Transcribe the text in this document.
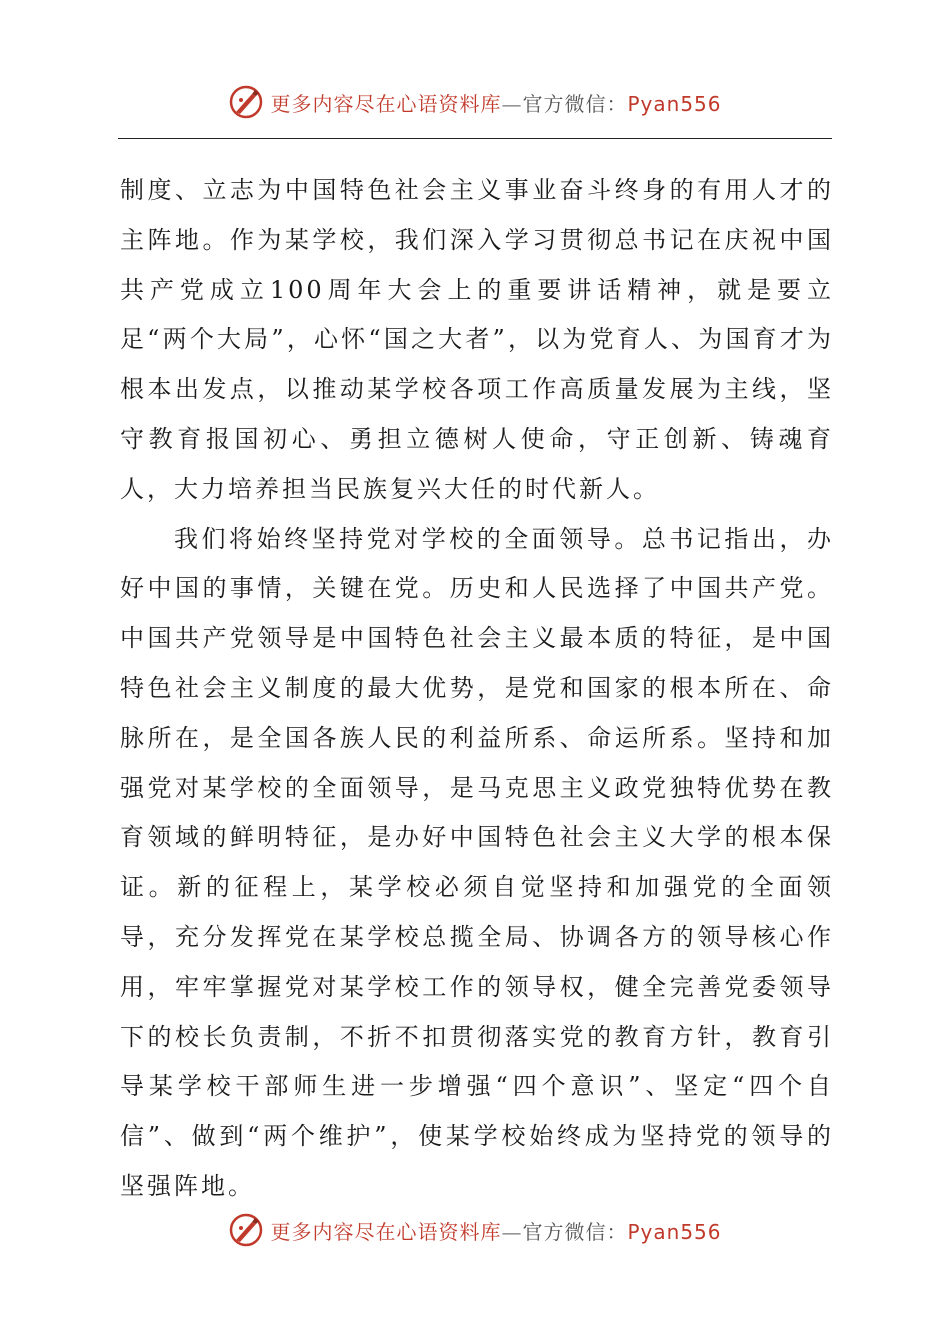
更多内容尽在心语资料库—官方微信：Pyan556

制度、立志为中国特色社会主义事业奋斗终身的有用人才的主阵地。作为某学校，我们深入学习贯彻总书记在庆祝中国共产党成立100周年大会上的重要讲话精神，就是要立足“两个大局”，心怀“国之大者”，以为党育人、为国育才为根本出发点，以推动某学校各项工作高质量发展为主线，坚守教育报国初心、勇担立德树人使命，守正创新、铸魂育人，大力培养担当民族复兴大任的时代新人。

我们将始终坚持党对学校的全面领导。总书记指出，办好中国的事情，关键在党。历史和人民选择了中国共产党。中国共产党领导是中国特色社会主义最本质的特征，是中国特色社会主义制度的最大优势，是党和国家的根本所在、命脉所在，是全国各族人民的利益所系、命运所系。坚持和加强党对某学校的全面领导，是马克思主义政党独特优势在教育领域的鲜明特征，是办好中国特色社会主义大学的根本保证。新的征程上，某学校必须自觉坚持和加强党的全面领导，充分发挥党在某学校总揽全局、协调各方的领导核心作用，牢牢掌握党对某学校工作的领导权，健全完善党委领导下的校长负责制，不折不扣贯彻落实党的教育方针，教育引导某学校干部师生进一步增强“四个意识”、坚定“四个自信”、做到“两个维护”，使某学校始终成为坚持党的领导的坚强阵地。

更多内容尽在心语资料库—官方微信：Pyan556
